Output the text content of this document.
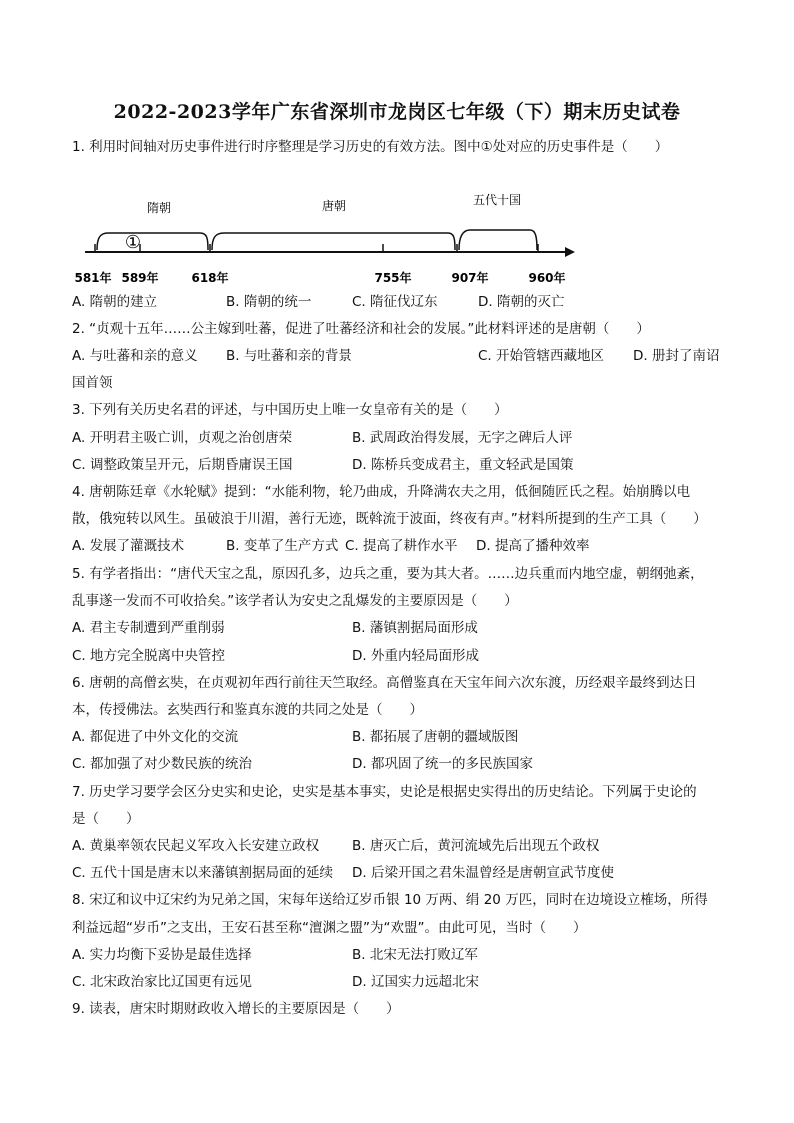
2022-2023学年广东省深圳市龙岗区七年级（下）期末历史试卷
1. 利用时间轴对历史事件进行时序整理是学习历史的有效方法。图中①处对应的历史事件是（　　）
隋朝	唐朝	五代十国
①
581年 589年	618年	755年	907年	960年
A. 隋朝的建立	B. 隋朝的统一	C. 隋征伐辽东	D. 隋朝的灭亡
2. “贞观十五年……公主嫁到吐蕃，促进了吐蕃经济和社会的发展。”此材料评述的是唐朝（　　）
A. 与吐蕃和亲的意义 B. 与吐蕃和亲的背景	C. 开始管辖西藏地区 D. 册封了南诏
国首领
3. 下列有关历史名君的评述，与中国历史上唯一女皇帝有关的是（　　）
A. 开明君主吸亡训，贞观之治创唐荣	B. 武周政治得发展，无字之碑后人评
C. 调整政策呈开元，后期昏庸误王国	D. 陈桥兵变成君主，重文轻武是国策
4. 唐朝陈廷章《水轮赋》提到：“水能利物，轮乃曲成，升降满农夫之用，低徊随匠氏之程。始崩腾以电
散，俄宛转以风生。虽破浪于川湄，善行无迹，既斡流于波面，终夜有声。”材料所提到的生产工具（　　）
A. 发展了灌溉技术	B. 变革了生产方式 C. 提高了耕作水平 D. 提高了播种效率
5. 有学者指出：“唐代天宝之乱，原因孔多，边兵之重，要为其大者。……边兵重而内地空虚，朝纲弛紊，
乱事遂一发而不可收拾矣。”该学者认为安史之乱爆发的主要原因是（　　）
A. 君主专制遭到严重削弱	B. 藩镇割据局面形成
C. 地方完全脱离中央管控	D. 外重内轻局面形成
6. 唐朝的高僧玄奘，在贞观初年西行前往天竺取经。高僧鉴真在天宝年间六次东渡，历经艰辛最终到达日
本，传授佛法。玄奘西行和鉴真东渡的共同之处是（　　）
A. 都促进了中外文化的交流	B. 都拓展了唐朝的疆域版图
C. 都加强了对少数民族的统治	D. 都巩固了统一的多民族国家
7. 历史学习要学会区分史实和史论，史实是基本事实，史论是根据史实得出的历史结论。下列属于史论的
是（　　）
A. 黄巢率领农民起义军攻入长安建立政权 B. 唐灭亡后，黄河流域先后出现五个政权
C. 五代十国是唐末以来藩镇割据局面的延续 D. 后梁开国之君朱温曾经是唐朝宣武节度使
8. 宋辽和议中辽宋约为兄弟之国，宋每年送给辽岁币银 10 万两、绢 20 万匹，同时在边境设立榷场，所得
利益远超“岁币”之支出，王安石甚至称“澶渊之盟”为“欢盟”。由此可见，当时（　　）
A. 实力均衡下妥协是最佳选择	B. 北宋无法打败辽军
C. 北宋政治家比辽国更有远见	D. 辽国实力远超北宋
9. 读表，唐宋时期财政收入增长的主要原因是（　　）
